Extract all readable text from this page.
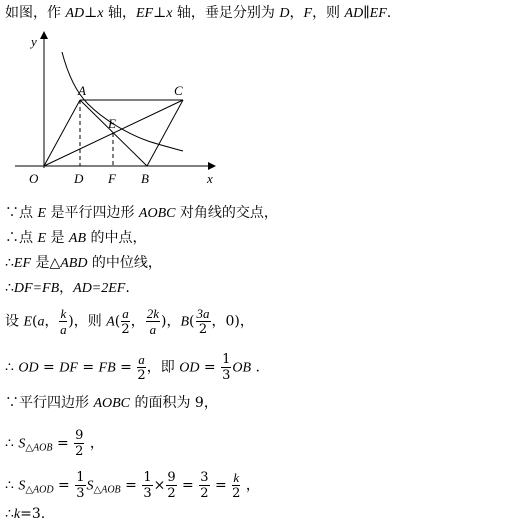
如图，作 AD⊥x 轴，EF⊥x 轴，垂足分别为 D，F，则 AD∥EF.
y
x
O
A	C
E
D F B
∵点 E 是平行四边形 AOBC 对角线的交点，
∴点 E 是 AB 的中点，
∴EF 是△ABD 的中位线，
∴DF=FB，AD=2EF.
设 E(a， $\frac{k}{a}$ )，则 $A( \frac{a}{2}$ ， $\frac{2k}{a}$ )，$B( \frac{3a}{2}$ ，0)，
∴ OD = DF = FB = $\frac{a}{2}$ ，即 OD = $\frac{1}{3}$ OB .
∵平行四边形 AOBC 的面积为 9，
∴ $S_{\triangle AOB} = \frac{9}{2}$ ，
∴ $S_{\triangle AOD} = \frac{1}{3} S_{\triangle AOB} = \frac{1}{3} \times \frac{9}{2} = \frac{3}{2} = \frac{k}{2}$ ，
∴k=3.
